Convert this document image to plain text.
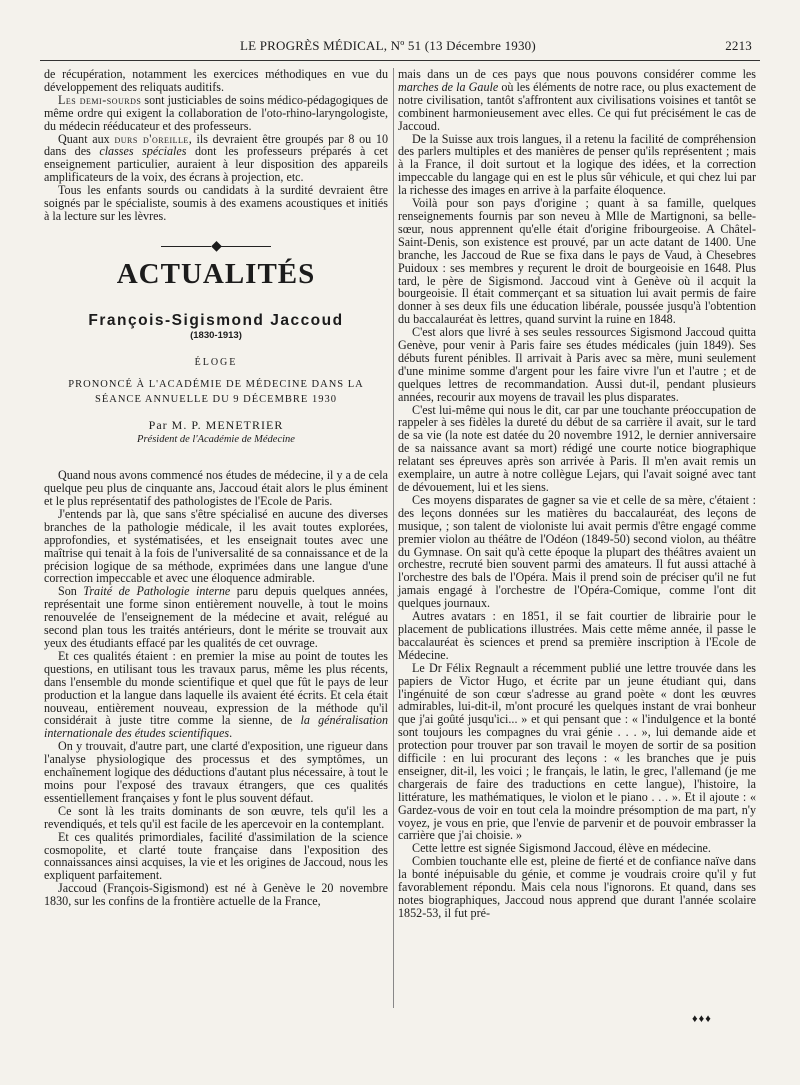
LE PROGRÈS MÉDICAL, Nº 51 (13 Décembre 1930)	2213

de récupération, notamment les exercices méthodiques en vue du développement des reliquats auditifs.

Les demi-sourds sont justiciables de soins médico-pédagogiques de même ordre qui exigent la collaboration de l'oto-rhino-laryngologiste, du médecin rééducateur et des professeurs.

Quant aux durs d'oreille, ils devraient être groupés par 8 ou 10 dans des classes spéciales dont les professeurs préparés à cet enseignement particulier, auraient à leur disposition des appareils amplificateurs de la voix, des écrans à projection, etc.

Tous les enfants sourds ou candidats à la surdité devraient être soignés par le spécialiste, soumis à des examens acoustiques et initiés à la lecture sur les lèvres.

◆
ACTUALITÉS
François-Sigismond Jaccoud
(1830-1913)
ÉLOGE
PRONONCÉ À L'ACADÉMIE DE MÉDECINE DANS LA SÉANCE ANNUELLE DU 9 DÉCEMBRE 1930
Par M. P. MENETRIER
Président de l'Académie de Médecine

Quand nous avons commencé nos études de médecine, il y a de cela quelque peu plus de cinquante ans, Jaccoud était alors le plus éminent et le plus représentatif des pathologistes de l'Ecole de Paris.

J'entends par là, que sans s'être spécialisé en aucune des diverses branches de la pathologie médicale, il les avait toutes explorées, approfondies, et systématisées, et les enseignait toutes avec une maîtrise qui tenait à la fois de l'universalité de sa connaissance et de la précision logique de sa méthode, exprimées dans une langue d'une correction impeccable et avec une éloquence admirable.

Son Traité de Pathologie interne paru depuis quelques années, représentait une forme sinon entièrement nouvelle, à tout le moins renouvelée de l'enseignement de la médecine et avait, relégué au second plan tous les traités antérieurs, dont le mérite se trouvait aux yeux des étudiants effacé par les qualités de cet ouvrage.

Et ces qualités étaient : en premier la mise au point de toutes les questions, en utilisant tous les travaux parus, même les plus récents, dans l'ensemble du monde scientifique et quel que fût le pays de leur production et la langue dans laquelle ils avaient été écrits. Et cela était nouveau, entièrement nouveau, expression de la méthode qu'il considérait à juste titre comme la sienne, de la généralisation internationale des études scientifiques.

On y trouvait, d'autre part, une clarté d'exposition, une rigueur dans l'analyse physiologique des processus et des symptômes, un enchaînement logique des déductions d'autant plus nécessaire, à tout le moins pour l'exposé des travaux étrangers, que ces qualités essentiellement françaises y font le plus souvent défaut.

Ce sont là les traits dominants de son œuvre, tels qu'il les a revendiqués, et tels qu'il est facile de les apercevoir en la contemplant.

Et ces qualités primordiales, facilité d'assimilation de la science cosmopolite, et clarté toute française dans l'exposition des connaissances ainsi acquises, la vie et les origines de Jaccoud, nous les expliquent parfaitement.

Jaccoud (François-Sigismond) est né à Genève le 20 novembre 1830, sur les confins de la frontière actuelle de la France,

mais dans un de ces pays que nous pouvons considérer comme les marches de la Gaule où les éléments de notre race, ou plus exactement de notre civilisation, tantôt s'affrontent aux civilisations voisines et tantôt se combinent harmonieusement avec elles. Ce qui fut précisément le cas de Jaccoud.

De la Suisse aux trois langues, il a retenu la facilité de compréhension des parlers multiples et des manières de penser qu'ils représentent ; mais à la France, il doit surtout et la logique des idées, et la correction impeccable du langage qui en est le plus sûr véhicule, et qui chez lui par la richesse des images en arrive à la parfaite éloquence.

Voilà pour son pays d'origine ; quant à sa famille, quelques renseignements fournis par son neveu à Mlle de Martignoni, sa belle-sœur, nous apprennent qu'elle était d'origine fribourgeoise. A Châtel-Saint-Denis, son existence est prouvé, par un acte datant de 1400. Une branche, les Jaccoud de Rue se fixa dans le pays de Vaud, à Chesebres Puidoux : ses membres y reçurent le droit de bourgeoisie en 1648. Plus tard, le père de Sigismond. Jaccoud vint à Genève où il acquit la bourgeoisie. Il était commerçant et sa situation lui avait permis de faire donner à ses deux fils une éducation libérale, poussée jusqu'à l'obtention du baccalauréat ès lettres, quand survint la ruine en 1848.

C'est alors que livré à ses seules ressources Sigismond Jaccoud quitta Genève, pour venir à Paris faire ses études médicales (juin 1849). Ses débuts furent pénibles. Il arrivait à Paris avec sa mère, muni seulement d'une minime somme d'argent pour les faire vivre l'un et l'autre ; et de quelques lettres de recommandation. Aussi dut-il, pendant plusieurs années, recourir aux moyens de travail les plus disparates.

C'est lui-même qui nous le dit, car par une touchante préoccupation de rappeler à ses fidèles la dureté du début de sa carrière il avait, sur le tard de sa vie (la note est datée du 20 novembre 1912, le dernier anniversaire de sa naissance avant sa mort) rédigé une courte notice biographique relatant ses épreuves après son arrivée à Paris. Il m'en avait remis un exemplaire, un autre à notre collègue Lejars, qui l'avait soigné avec tant de dévouement, lui et les siens.

Ces moyens disparates de gagner sa vie et celle de sa mère, c'étaient : des leçons données sur les matières du baccalauréat, des leçons de musique, ; son talent de violoniste lui avait permis d'être engagé comme premier violon au théâtre de l'Odéon (1849-50) second violon, au théâtre du Gymnase. On sait qu'à cette époque la plupart des théâtres avaient un orchestre, recruté bien souvent parmi des amateurs. Il fut aussi attaché à l'orchestre des bals de l'Opéra. Mais il prend soin de préciser qu'il ne fut jamais engagé à l'orchestre de l'Opéra-Comique, comme l'ont dit quelques journaux.

Autres avatars : en 1851, il se fait courtier de librairie pour le placement de publications illustrées. Mais cette même année, il passe le baccalauréat ès sciences et prend sa première inscription à l'Ecole de Médecine.

Le Dr Félix Regnault a récemment publié une lettre trouvée dans les papiers de Victor Hugo, et écrite par un jeune étudiant qui, dans l'ingénuité de son cœur s'adresse au grand poète « dont les œuvres admirables, lui-dit-il, m'ont procuré les quelques instant de vrai bonheur que j'ai goûté jusqu'ici... » et qui pensant que : « l'indulgence et la bonté sont toujours les compagnes du vrai génie . . . », lui demande aide et protection pour trouver par son travail le moyen de sortir de sa position difficile : en lui procurant des leçons : « les branches que je puis enseigner, dit-il, les voici ; le français, le latin, le grec, l'allemand (je me chargerais de faire des traductions en cette langue), l'histoire, la littérature, les mathématiques, le violon et le piano . . . ». Et il ajoute : « Gardez-vous de voir en tout cela la moindre présomption de ma part, n'y voyez, je vous en prie, que l'envie de parvenir et de pouvoir embrasser la carrière que j'ai choisie. »

Cette lettre est signée Sigismond Jaccoud, élève en médecine.

Combien touchante elle est, pleine de fierté et de confiance naïve dans la bonté inépuisable du génie, et comme je voudrais croire qu'il y fut favorablement répondu. Mais cela nous l'ignorons. Et quand, dans ses notes biographiques, Jaccoud nous apprend que durant l'année scolaire 1852-53, il fut pré-

♦♦♦
